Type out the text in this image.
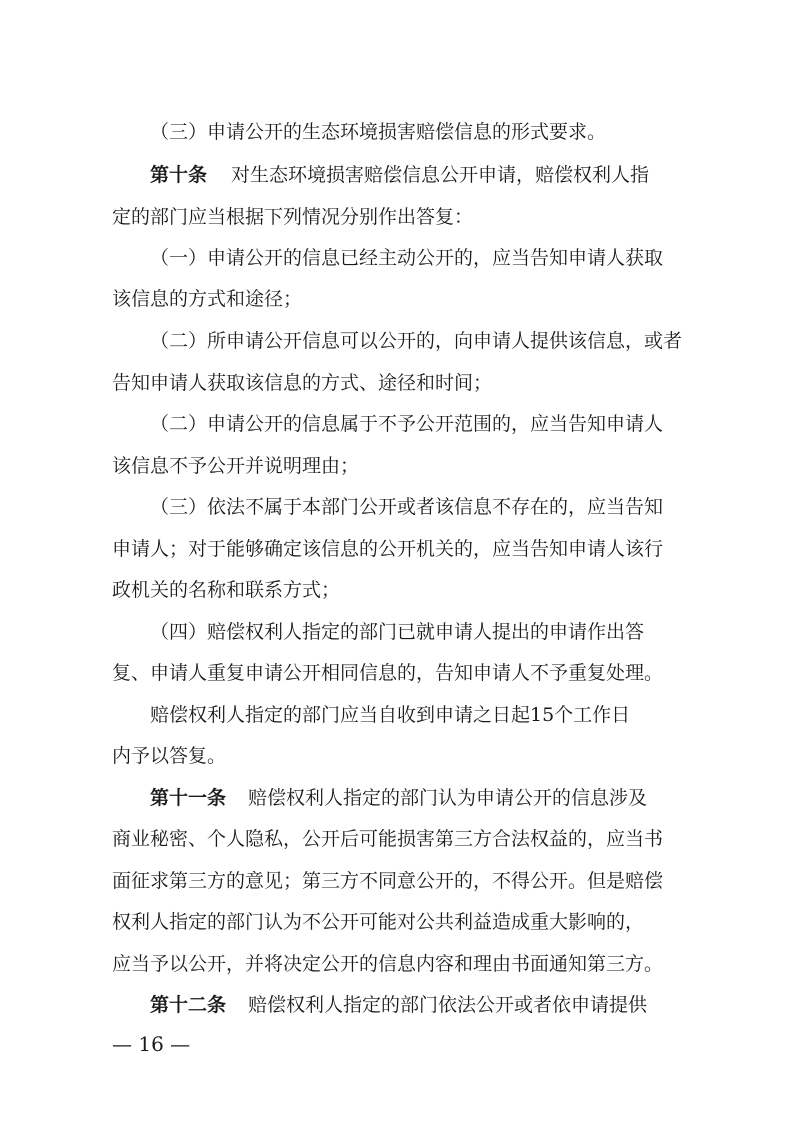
（三）申请公开的生态环境损害赔偿信息的形式要求。
第十条 对生态环境损害赔偿信息公开申请，赔偿权利人指
定的部门应当根据下列情况分别作出答复：
（一）申请公开的信息已经主动公开的，应当告知申请人获取
该信息的方式和途径；
（二）所申请公开信息可以公开的，向申请人提供该信息，或者
告知申请人获取该信息的方式、途径和时间；
（二）申请公开的信息属于不予公开范围的，应当告知申请人
该信息不予公开并说明理由；
（三）依法不属于本部门公开或者该信息不存在的，应当告知
申请人；对于能够确定该信息的公开机关的，应当告知申请人该行
政机关的名称和联系方式；
（四）赔偿权利人指定的部门已就申请人提出的申请作出答
复、申请人重复申请公开相同信息的，告知申请人不予重复处理。
赔偿权利人指定的部门应当自收到申请之日起15个工作日
内予以答复。
第十一条 赔偿权利人指定的部门认为申请公开的信息涉及
商业秘密、个人隐私，公开后可能损害第三方合法权益的，应当书
面征求第三方的意见；第三方不同意公开的，不得公开。但是赔偿
权利人指定的部门认为不公开可能对公共利益造成重大影响的，
应当予以公开，并将决定公开的信息内容和理由书面通知第三方。
第十二条 赔偿权利人指定的部门依法公开或者依申请提供
— 16 —
